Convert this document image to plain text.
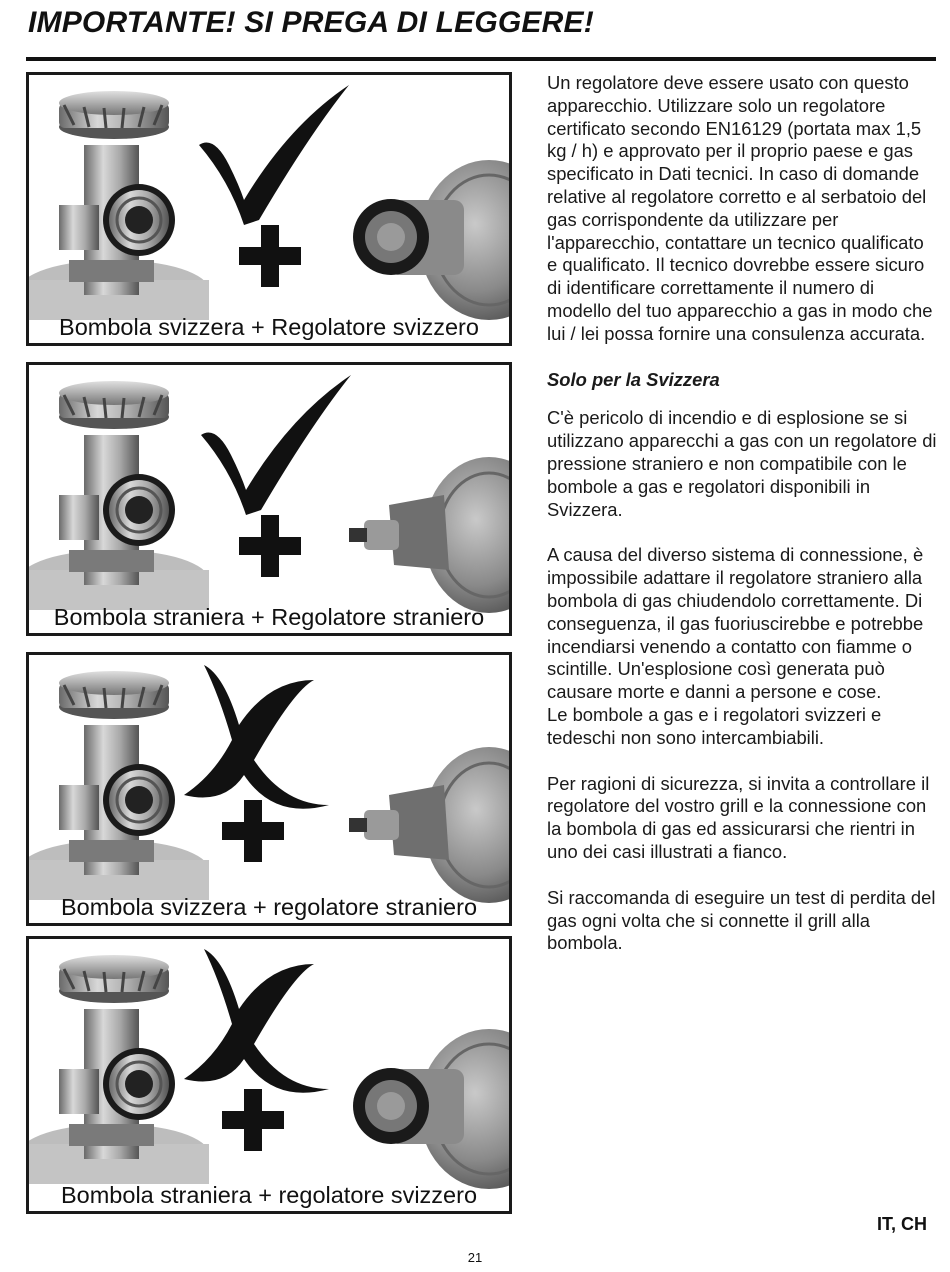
IMPORTANTE! SI PREGA DI LEGGERE!
Bombola svizzera + Regolatore svizzero
Bombola straniera + Regolatore straniero
Bombola svizzera + regolatore straniero
Bombola straniera + regolatore svizzero

Un regolatore deve essere usato con questo apparecchio. Utilizzare solo un regolatore certificato secondo EN16129 (portata max 1,5 kg / h) e approvato per il proprio paese e gas specificato in Dati tecnici. In caso di domande relative al regolatore corretto e al serbatoio del gas corrispondente da utilizzare per l'apparecchio, contattare un tecnico qualificato e qualificato. Il tecnico dovrebbe essere sicuro di identificare correttamente il numero di modello del tuo apparecchio a gas in modo che lui / lei possa fornire una consulenza accurata.

Solo per la Svizzera

C'è pericolo di incendio e di esplosione se si utilizzano apparecchi a gas con un regolatore di pressione straniero e non compatibile con le bombole a gas e regolatori disponibili in Svizzera.

A causa del diverso sistema di connessione, è impossibile adattare il regolatore straniero alla bombola di gas chiudendolo correttamente. Di conseguenza, il gas fuoriuscirebbe e potrebbe incendiarsi venendo a contatto con fiamme o scintille. Un'esplosione così generata può causare morte e danni a persone e cose.

Le bombole a gas e i regolatori svizzeri e tedeschi non sono intercambiabili.

Per ragioni di sicurezza, si invita a controllare il regolatore del vostro grill e la connessione con la bombola di gas ed assicurarsi che rientri in uno dei casi illustrati a fianco.

Si raccomanda di eseguire un test di perdita del gas ogni volta che si connette il grill alla bombola.

IT, CH
21
